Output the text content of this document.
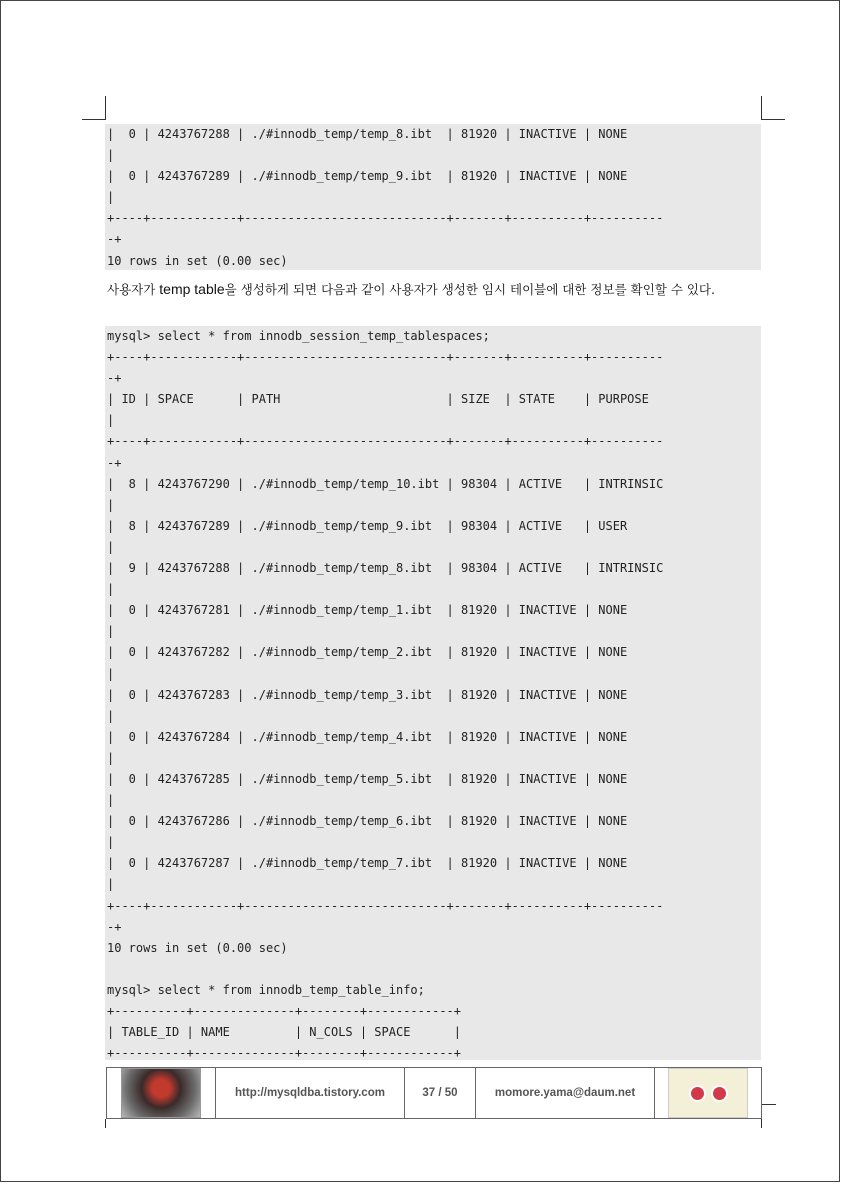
|  0 | 4243767288 | ./#innodb_temp/temp_8.ibt  | 81920 | INACTIVE | NONE
|
|  0 | 4243767289 | ./#innodb_temp/temp_9.ibt  | 81920 | INACTIVE | NONE
|
+----+------------+----------------------------+-------+----------+----------
-+
10 rows in set (0.00 sec)
사용자가 temp table을 생성하게 되면 다음과 같이 사용자가 생성한 임시 테이블에 대한 정보를 확인할 수 있다.
mysql> select * from innodb_session_temp_tablespaces;
+----+------------+----------------------------+-------+----------+----------
-+
| ID | SPACE      | PATH                       | SIZE  | STATE    | PURPOSE
|
+----+------------+----------------------------+-------+----------+----------
-+
|  8 | 4243767290 | ./#innodb_temp/temp_10.ibt | 98304 | ACTIVE   | INTRINSIC
|
|  8 | 4243767289 | ./#innodb_temp/temp_9.ibt  | 98304 | ACTIVE   | USER
|
|  9 | 4243767288 | ./#innodb_temp/temp_8.ibt  | 98304 | ACTIVE   | INTRINSIC
|
|  0 | 4243767281 | ./#innodb_temp/temp_1.ibt  | 81920 | INACTIVE | NONE
|
|  0 | 4243767282 | ./#innodb_temp/temp_2.ibt  | 81920 | INACTIVE | NONE
|
|  0 | 4243767283 | ./#innodb_temp/temp_3.ibt  | 81920 | INACTIVE | NONE
|
|  0 | 4243767284 | ./#innodb_temp/temp_4.ibt  | 81920 | INACTIVE | NONE
|
|  0 | 4243767285 | ./#innodb_temp/temp_5.ibt  | 81920 | INACTIVE | NONE
|
|  0 | 4243767286 | ./#innodb_temp/temp_6.ibt  | 81920 | INACTIVE | NONE
|
|  0 | 4243767287 | ./#innodb_temp/temp_7.ibt  | 81920 | INACTIVE | NONE
|
+----+------------+----------------------------+-------+----------+----------
-+
10 rows in set (0.00 sec)
mysql> select * from innodb_temp_table_info;
+----------+--------------+--------+------------+
| TABLE_ID | NAME         | N_COLS | SPACE      |
+----------+--------------+--------+------------+
http://mysqldba.tistory.com	37 / 50	momore.yama@daum.net
